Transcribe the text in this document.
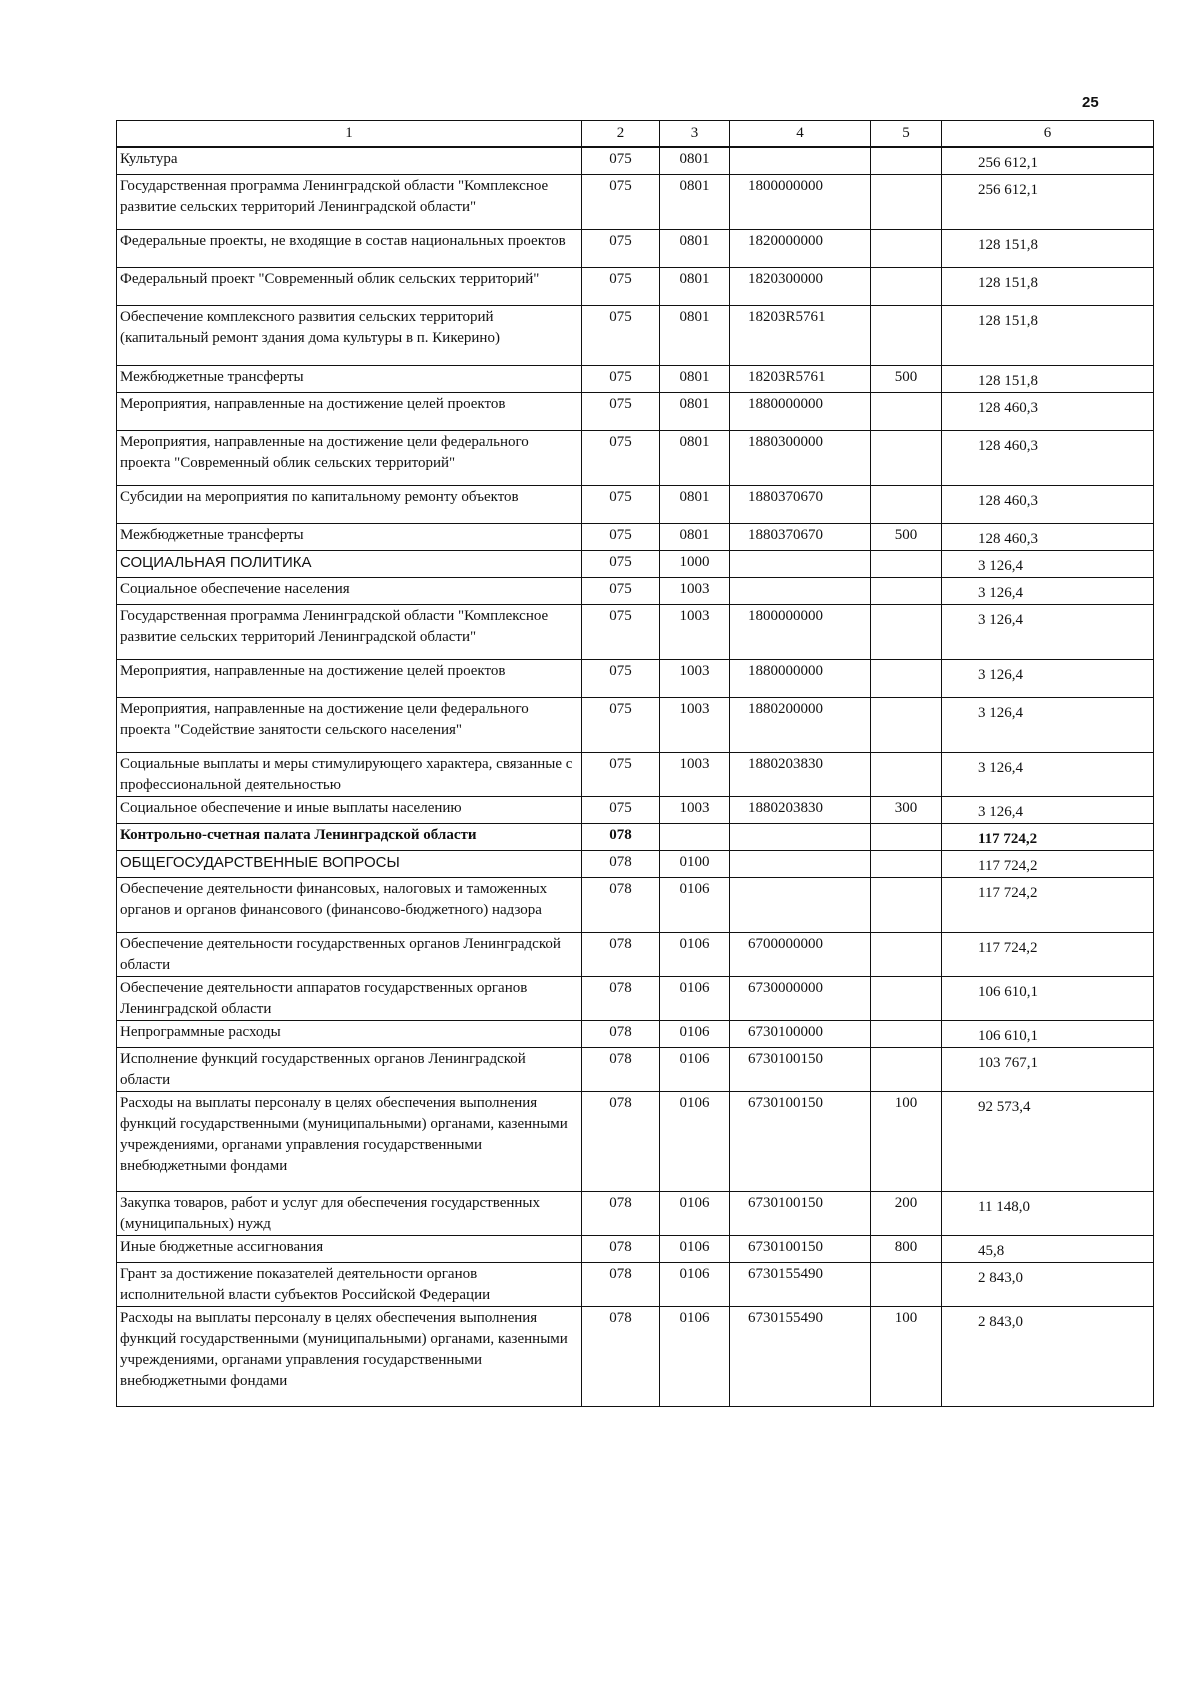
25
1	2	3	4	5	6
Культура	075	0801			256 612,1
Государственная программа Ленинградской области "Комплексное развитие сельских территорий Ленинградской области"	075	0801	1800000000		256 612,1
Федеральные проекты, не входящие в состав национальных проектов	075	0801	1820000000		128 151,8
Федеральный проект "Современный облик сельских территорий"	075	0801	1820300000		128 151,8
Обеспечение комплексного развития сельских территорий (капитальный ремонт здания дома культуры в п. Кикерино)	075	0801	18203R5761		128 151,8
Межбюджетные трансферты	075	0801	18203R5761	500	128 151,8
Мероприятия, направленные на достижение целей проектов	075	0801	1880000000		128 460,3
Мероприятия, направленные на достижение цели федерального проекта "Современный облик сельских территорий"	075	0801	1880300000		128 460,3
Субсидии на мероприятия по капитальному ремонту объектов	075	0801	1880370670		128 460,3
Межбюджетные трансферты	075	0801	1880370670	500	128 460,3
СОЦИАЛЬНАЯ ПОЛИТИКА	075	1000			3 126,4
Социальное обеспечение населения	075	1003			3 126,4
Государственная программа Ленинградской области "Комплексное развитие сельских территорий Ленинградской области"	075	1003	1800000000		3 126,4
Мероприятия, направленные на достижение целей проектов	075	1003	1880000000		3 126,4
Мероприятия, направленные на достижение цели федерального проекта "Содействие занятости сельского населения"	075	1003	1880200000		3 126,4
Социальные выплаты и меры стимулирующего характера, связанные с профессиональной деятельностью	075	1003	1880203830		3 126,4
Социальное обеспечение и иные выплаты населению	075	1003	1880203830	300	3 126,4
Контрольно-счетная палата Ленинградской области	078				117 724,2
ОБЩЕГОСУДАРСТВЕННЫЕ ВОПРОСЫ	078	0100			117 724,2
Обеспечение деятельности финансовых, налоговых и таможенных органов и органов финансового (финансово-бюджетного) надзора	078	0106			117 724,2
Обеспечение деятельности государственных органов Ленинградской области	078	0106	6700000000		117 724,2
Обеспечение деятельности аппаратов государственных органов Ленинградской области	078	0106	6730000000		106 610,1
Непрограммные расходы	078	0106	6730100000		106 610,1
Исполнение функций государственных органов Ленинградской области	078	0106	6730100150		103 767,1
Расходы на выплаты персоналу в целях обеспечения выполнения функций государственными (муниципальными) органами, казенными учреждениями, органами управления государственными внебюджетными фондами	078	0106	6730100150	100	92 573,4
Закупка товаров, работ и услуг для обеспечения государственных (муниципальных) нужд	078	0106	6730100150	200	11 148,0
Иные бюджетные ассигнования	078	0106	6730100150	800	45,8
Грант за достижение показателей деятельности органов исполнительной власти субъектов Российской Федерации	078	0106	6730155490		2 843,0
Расходы на выплаты персоналу в целях обеспечения выполнения функций государственными (муниципальными) органами, казенными учреждениями, органами управления государственными внебюджетными фондами	078	0106	6730155490	100	2 843,0
